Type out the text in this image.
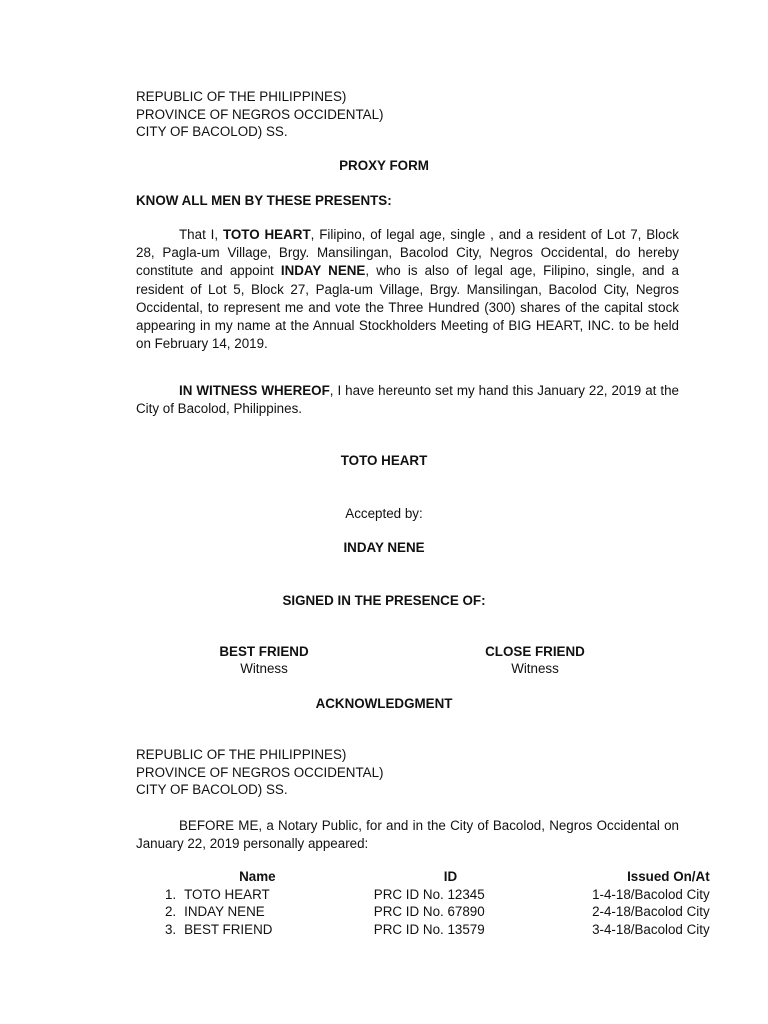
REPUBLIC OF THE PHILIPPINES)
PROVINCE OF NEGROS OCCIDENTAL)
CITY OF BACOLOD) SS.
PROXY FORM
KNOW ALL MEN BY THESE PRESENTS:
That I, TOTO HEART, Filipino, of legal age, single , and a resident of Lot 7, Block 28, Pagla-um Village, Brgy. Mansilingan, Bacolod City, Negros Occidental, do hereby constitute and appoint INDAY NENE, who is also of legal age, Filipino, single, and a resident of Lot 5, Block 27, Pagla-um Village, Brgy. Mansilingan, Bacolod City, Negros Occidental, to represent me and vote the Three Hundred (300) shares of the capital stock appearing in my name at the Annual Stockholders Meeting of BIG HEART, INC. to be held on February 14, 2019.
IN WITNESS WHEREOF, I have hereunto set my hand this January 22, 2019 at the City of Bacolod, Philippines.
TOTO HEART
Accepted by:
INDAY NENE
SIGNED IN THE PRESENCE OF:
BEST FRIEND
Witness
CLOSE FRIEND
Witness
ACKNOWLEDGMENT
REPUBLIC OF THE PHILIPPINES)
PROVINCE OF NEGROS OCCIDENTAL)
CITY OF BACOLOD) SS.
BEFORE ME, a Notary Public, for and in the City of Bacolod, Negros Occidental on January 22, 2019 personally appeared:
	Name	ID	Issued On/At
1.	TOTO HEART	PRC ID No. 12345	1-4-18/Bacolod City
2.	INDAY NENE	PRC ID No. 67890	2-4-18/Bacolod City
3.	BEST FRIEND	PRC ID No. 13579	3-4-18/Bacolod City
